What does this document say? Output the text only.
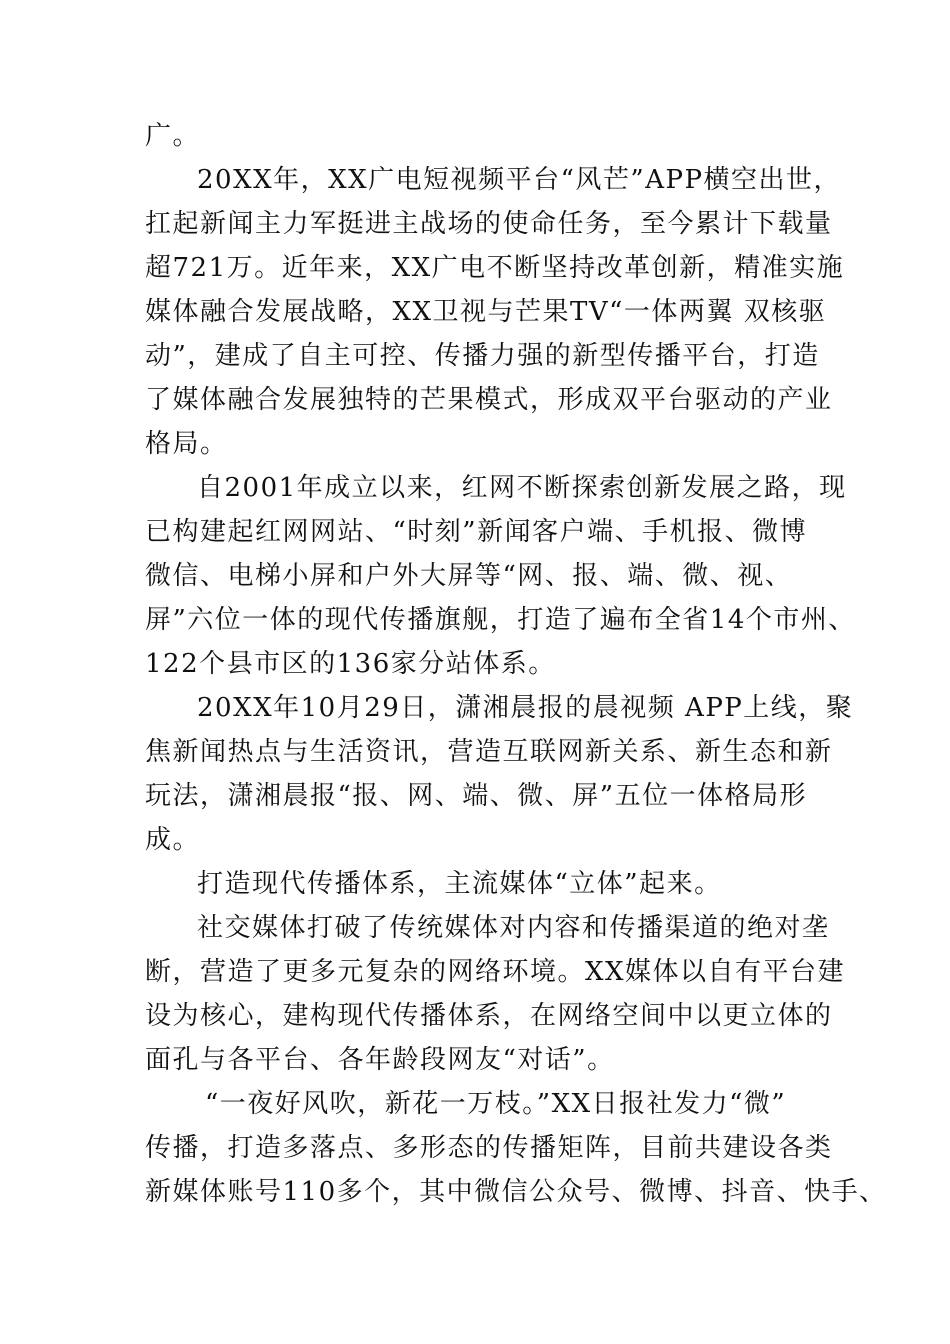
广。
20XX年，XX广电短视频平台“风芒”APP横空出世，
扛起新闻主力军挺进主战场的使命任务，至今累计下载量
超721万。近年来，XX广电不断坚持改革创新，精准实施
媒体融合发展战略，XX卫视与芒果TV“一体两翼 双核驱
动”，建成了自主可控、传播力强的新型传播平台，打造
了媒体融合发展独特的芒果模式，形成双平台驱动的产业
格局。
自2001年成立以来，红网不断探索创新发展之路，现
已构建起红网网站、“时刻”新闻客户端、手机报、微博
微信、电梯小屏和户外大屏等“网、报、端、微、视、
屏”六位一体的现代传播旗舰，打造了遍布全省14个市州、
122个县市区的136家分站体系。
20XX年10月29日，潇湘晨报的晨视频 APP上线，聚
焦新闻热点与生活资讯，营造互联网新关系、新生态和新
玩法，潇湘晨报“报、网、端、微、屏”五位一体格局形
成。
打造现代传播体系，主流媒体“立体”起来。
社交媒体打破了传统媒体对内容和传播渠道的绝对垄
断，营造了更多元复杂的网络环境。XX媒体以自有平台建
设为核心，建构现代传播体系，在网络空间中以更立体的
面孔与各平台、各年龄段网友“对话”。
“一夜好风吹，新花一万枝。”XX日报社发力“微”
传播，打造多落点、多形态的传播矩阵，目前共建设各类
新媒体账号110多个，其中微信公众号、微博、抖音、快手、
